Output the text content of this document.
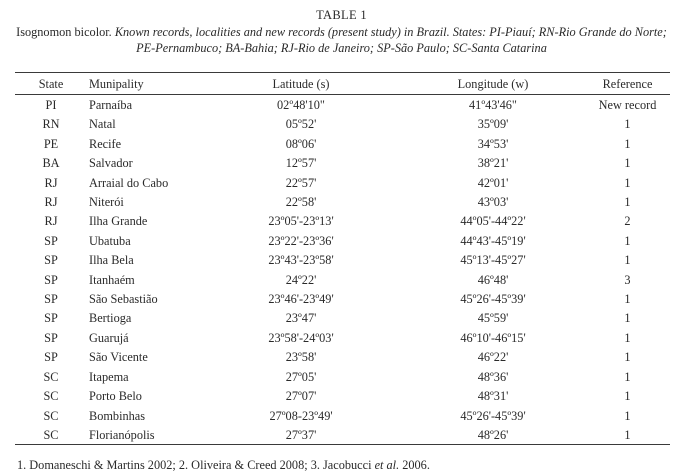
TABLE 1
Isognomon bicolor. Known records, localities and new records (present study) in Brazil. States: PI-Piauí; RN-Rio Grande do Norte; PE-Pernambuco; BA-Bahia; RJ-Rio de Janeiro; SP-São Paulo; SC-Santa Catarina
State	Munipality	Latitude (s)	Longitude (w)	Reference
PI	Parnaíba	02º48'10"	41º43'46"	New record
RN	Natal	05º52'	35º09'	1
PE	Recife	08º06'	34º53'	1
BA	Salvador	12º57'	38º21'	1
RJ	Arraial do Cabo	22º57'	42º01'	1
RJ	Niterói	22º58'	43º03'	1
RJ	Ilha Grande	23º05'-23º13'	44º05'-44º22'	2
SP	Ubatuba	23º22'-23º36'	44º43'-45º19'	1
SP	Ilha Bela	23º43'-23º58'	45º13'-45º27'	1
SP	Itanhaém	24º22'	46º48'	3
SP	São Sebastião	23º46'-23º49'	45º26'-45º39'	1
SP	Bertioga	23º47'	45º59'	1
SP	Guarujá	23º58'-24º03'	46º10'-46º15'	1
SP	São Vicente	23º58'	46º22'	1
SC	Itapema	27º05'	48º36'	1
SC	Porto Belo	27º07'	48º31'	1
SC	Bombinhas	27º08-23º49'	45º26'-45º39'	1
SC	Florianópolis	27º37'	48º26'	1
1. Domaneschi & Martins 2002; 2. Oliveira & Creed 2008; 3. Jacobucci et al. 2006.
